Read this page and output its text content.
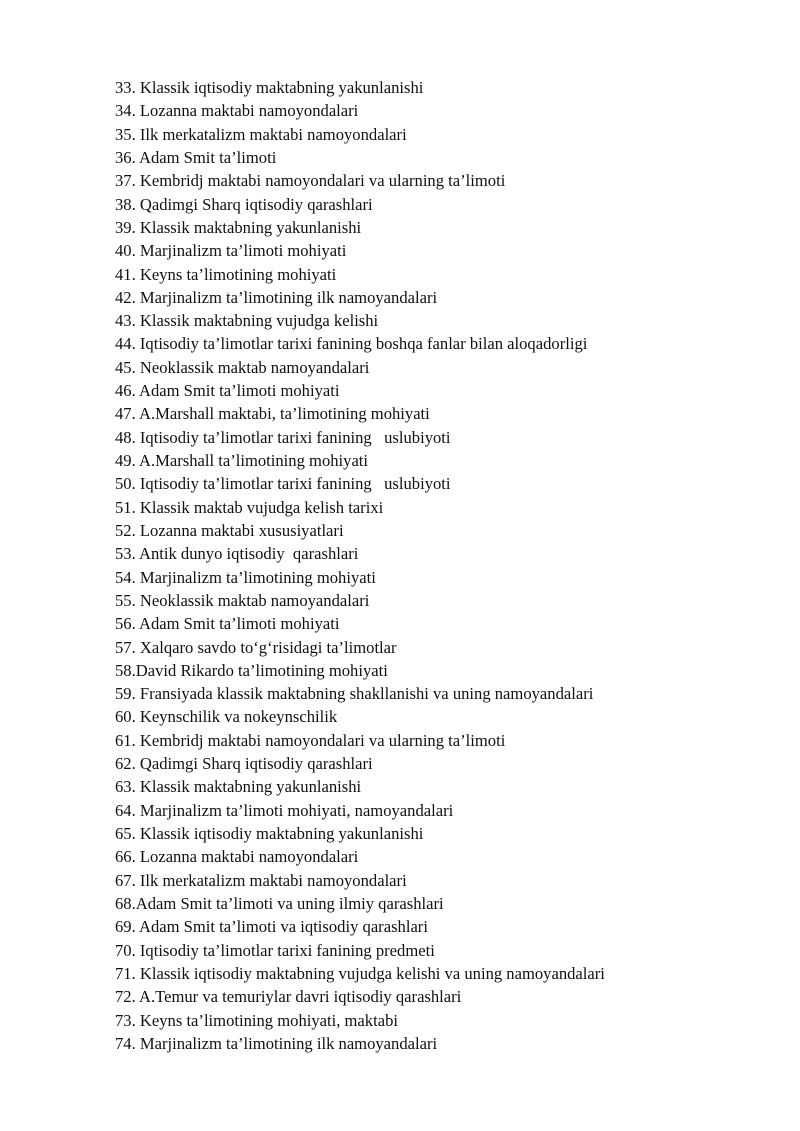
33. Klassik iqtisodiy maktabning yakunlanishi
34. Lozanna maktabi namoyondalari
35. Ilk merkatalizm maktabi namoyondalari
36. Adam Smit ta’limoti
37. Kembridj maktabi namoyondalari va ularning ta’limoti
38. Qadimgi Sharq iqtisodiy qarashlari
39. Klassik maktabning yakunlanishi
40. Marjinalizm ta’limoti mohiyati
41. Keyns ta’limotining mohiyati
42. Marjinalizm ta’limotining ilk namoyandalari
43. Klassik maktabning vujudga kelishi
44. Iqtisodiy ta’limotlar tarixi fanining boshqa fanlar bilan aloqadorligi
45. Neoklassik maktab namoyandalari
46. Adam Smit ta’limoti mohiyati
47. A.Marshall maktabi, ta’limotining mohiyati
48. Iqtisodiy ta’limotlar tarixi fanining   uslubiyoti
49. A.Marshall ta’limotining mohiyati
50. Iqtisodiy ta’limotlar tarixi fanining   uslubiyoti
51. Klassik maktab vujudga kelish tarixi
52. Lozanna maktabi xususiyatlari
53. Antik dunyo iqtisodiy  qarashlari
54. Marjinalizm ta’limotining mohiyati
55. Neoklassik maktab namoyandalari
56. Adam Smit ta’limoti mohiyati
57. Xalqaro savdo to‘g‘risidagi ta’limotlar
58.David Rikardo ta’limotining mohiyati
59. Fransiyada klassik maktabning shakllanishi va uning namoyandalari
60. Keynschilik va nokeynschilik
61. Kembridj maktabi namoyondalari va ularning ta’limoti
62. Qadimgi Sharq iqtisodiy qarashlari
63. Klassik maktabning yakunlanishi
64. Marjinalizm ta’limoti mohiyati, namoyandalari
65. Klassik iqtisodiy maktabning yakunlanishi
66. Lozanna maktabi namoyondalari
67. Ilk merkatalizm maktabi namoyondalari
68.Adam Smit ta’limoti va uning ilmiy qarashlari
69. Adam Smit ta’limoti va iqtisodiy qarashlari
70. Iqtisodiy ta’limotlar tarixi fanining predmeti
71. Klassik iqtisodiy maktabning vujudga kelishi va uning namoyandalari
72. A.Temur va temuriylar davri iqtisodiy qarashlari
73. Keyns ta’limotining mohiyati, maktabi
74. Marjinalizm ta’limotining ilk namoyandalari
